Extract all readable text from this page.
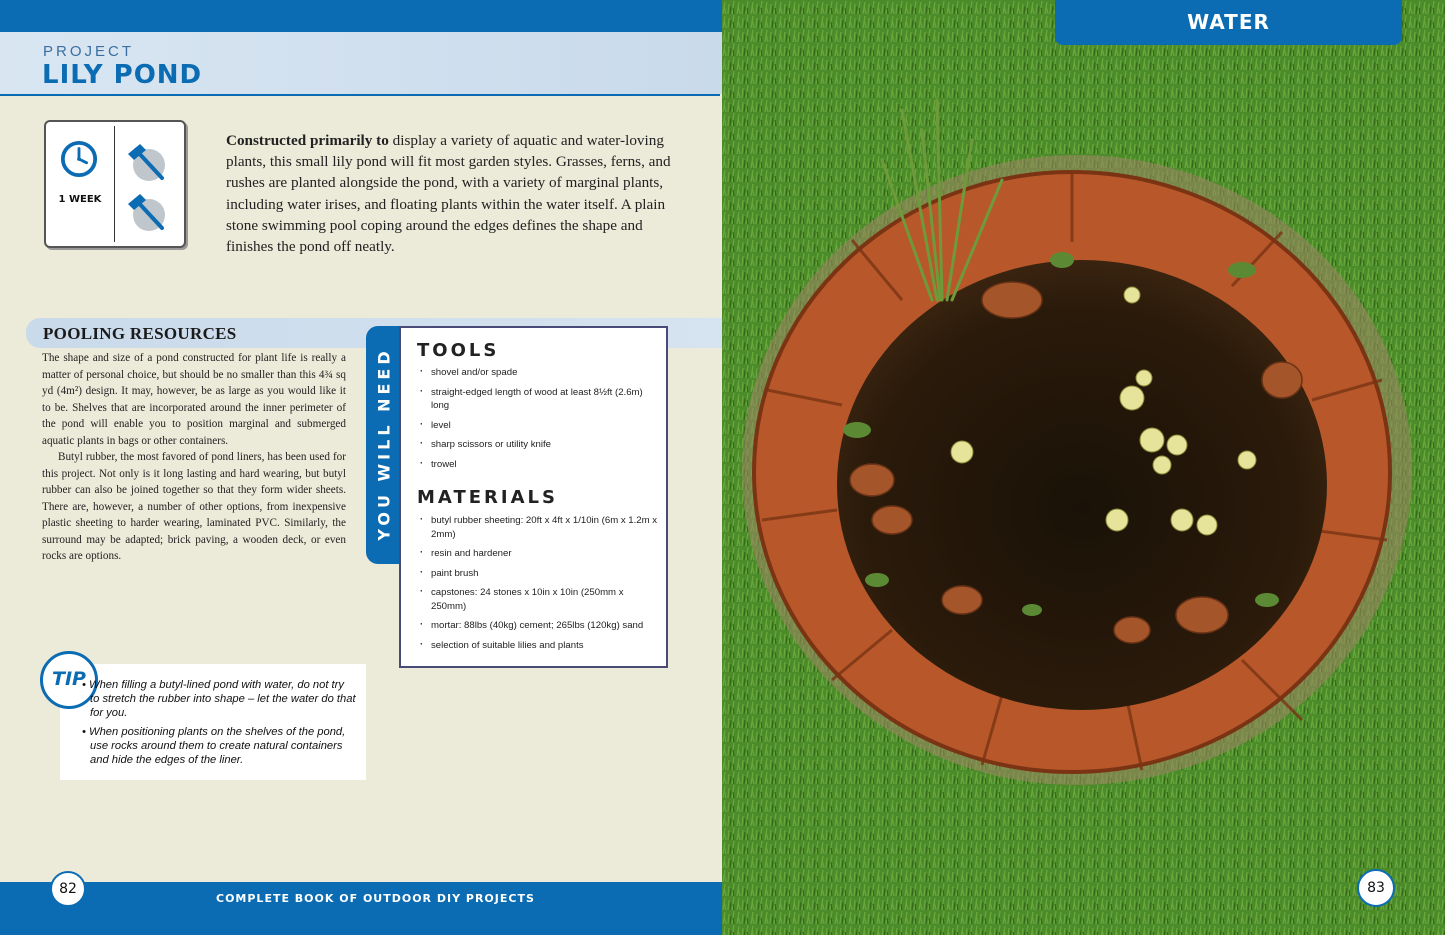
PROJECT
LILY POND
1 WEEK
Constructed primarily to display a variety of aquatic and water-loving plants, this small lily pond will fit most garden styles. Grasses, ferns, and rushes are planted alongside the pond, with a variety of marginal plants, including water irises, and floating plants within the water itself. A plain stone swimming pool coping around the edges defines the shape and finishes the pond off neatly.
POOLING RESOURCES

The shape and size of a pond constructed for plant life is really a matter of personal choice, but should be no smaller than this 4¾ sq yd (4m²) design. It may, however, be as large as you would like it to be. Shelves that are incorporated around the inner perimeter of the pond will enable you to position marginal and submerged aquatic plants in bags or other containers.

Butyl rubber, the most favored of pond liners, has been used for this project. Not only is it long lasting and hard wearing, but butyl rubber can also be joined together so that they form wider sheets. There are, however, a number of other options, from inexpensive plastic sheeting to harder wearing, laminated PVC. Similarly, the surround may be adapted; brick paving, a wooden deck, or even rocks are options.

YOU WILL NEED TOOLS
· shovel and/or spade
· straight-edged length of wood at least 8½ft (2.6m) long
· level
· sharp scissors or utility knife
· trowel
MATERIALS
· butyl rubber sheeting: 20ft x 4ft x 1/10in (6m x 1.2m x 2mm)
· resin and hardener
· paint brush
· capstones: 24 stones x 10in x 10in (250mm x 250mm)
· mortar: 88lbs (40kg) cement; 265lbs (120kg) sand
· selection of suitable lilies and plants
TIP

• When filling a butyl-lined pond with water, do not try to stretch the rubber into shape – let the water do that for you.

• When positioning plants on the shelves of the pond, use rocks around them to create natural containers and hide the edges of the liner.

82
COMPLETE BOOK OF OUTDOOR DIY PROJECTS
WATER
83
